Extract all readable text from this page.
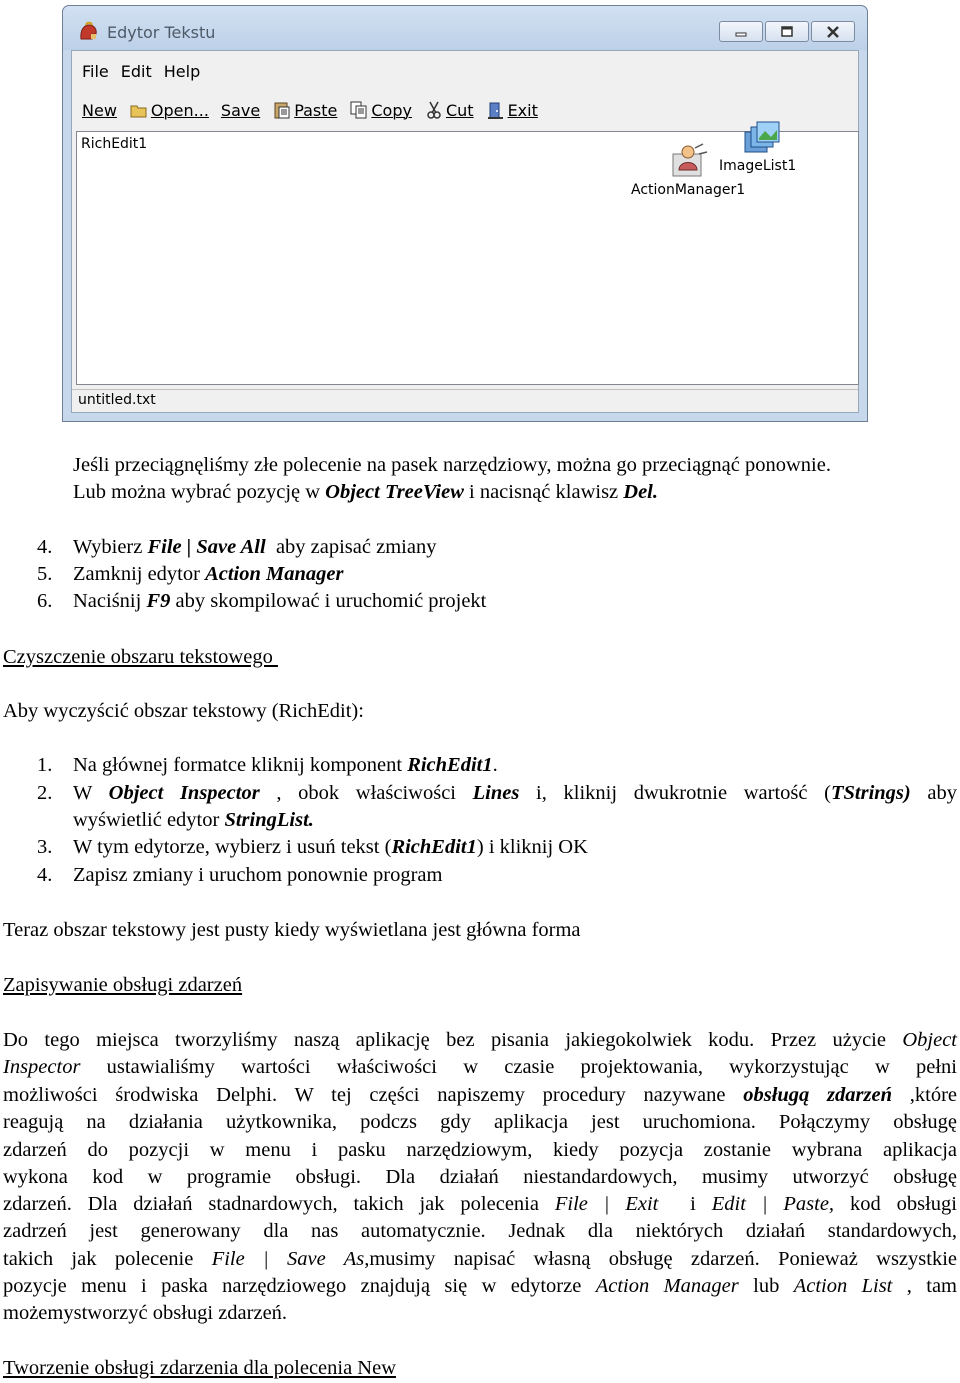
Edytor Tekstu
File Edit Help
New Open... Save Paste Copy Cut Exit
RichEdit1
ActionManager1
ImageList1
untitled.txt
Jeśli przeciągnęliśmy złe polecenie na pasek narzędziowy, można go przeciągnąć ponownie.
Lub można wybrać pozycję w Object TreeView i nacisnąć klawisz Del.
4. Wybierz File | Save All  aby zapisać zmiany
5. Zamknij edytor Action Manager
6. Naciśnij F9 aby skompilować i uruchomić projekt
Czyszczenie obszaru tekstowego
Aby wyczyścić obszar tekstowy (RichEdit):
1. Na głównej formatce kliknij komponent RichEdit1.
2. W Object Inspector , obok właściwości Lines i, kliknij dwukrotnie wartość (TStrings) aby
wyświetlić edytor StringList.
3. W tym edytorze, wybierz i usuń tekst (RichEdit1) i kliknij OK
4. Zapisz zmiany i uruchom ponownie program
Teraz obszar tekstowy jest pusty kiedy wyświetlana jest główna forma
Zapisywanie obsługi zdarzeń
Do tego miejsca tworzyliśmy naszą aplikację bez pisania jakiegokolwiek kodu. Przez użycie Object
Inspector ustawialiśmy wartości właściwości w czasie projektowania, wykorzystując w pełni
możliwości środwiska Delphi. W tej części napiszemy procedury nazywane obsługą zdarzeń ,które
reagują na działania użytkownika, podczs gdy aplikacja jest uruchomiona. Połączymy obsługę
zdarzeń do pozycji w menu i pasku narzędziowym, kiedy pozycja zostanie wybrana aplikacja
wykona kod w programie obsługi. Dla działań niestandardowych, musimy utworzyć obsługę
zdarzeń. Dla działań stadnardowych, takich jak polecenia File | Exit  i Edit | Paste, kod obsługi
zadrzeń jest generowany dla nas automatycznie. Jednak dla niektórych działań standardowych,
takich jak polecenie File | Save As,musimy napisać własną obsługę zdarzeń. Ponieważ wszystkie
pozycje menu i paska narzędziowego znajdują się w edytorze Action Manager lub Action List , tam
możemystworzyć obsługi zdarzeń.
Tworzenie obsługi zdarzenia dla polecenia New
